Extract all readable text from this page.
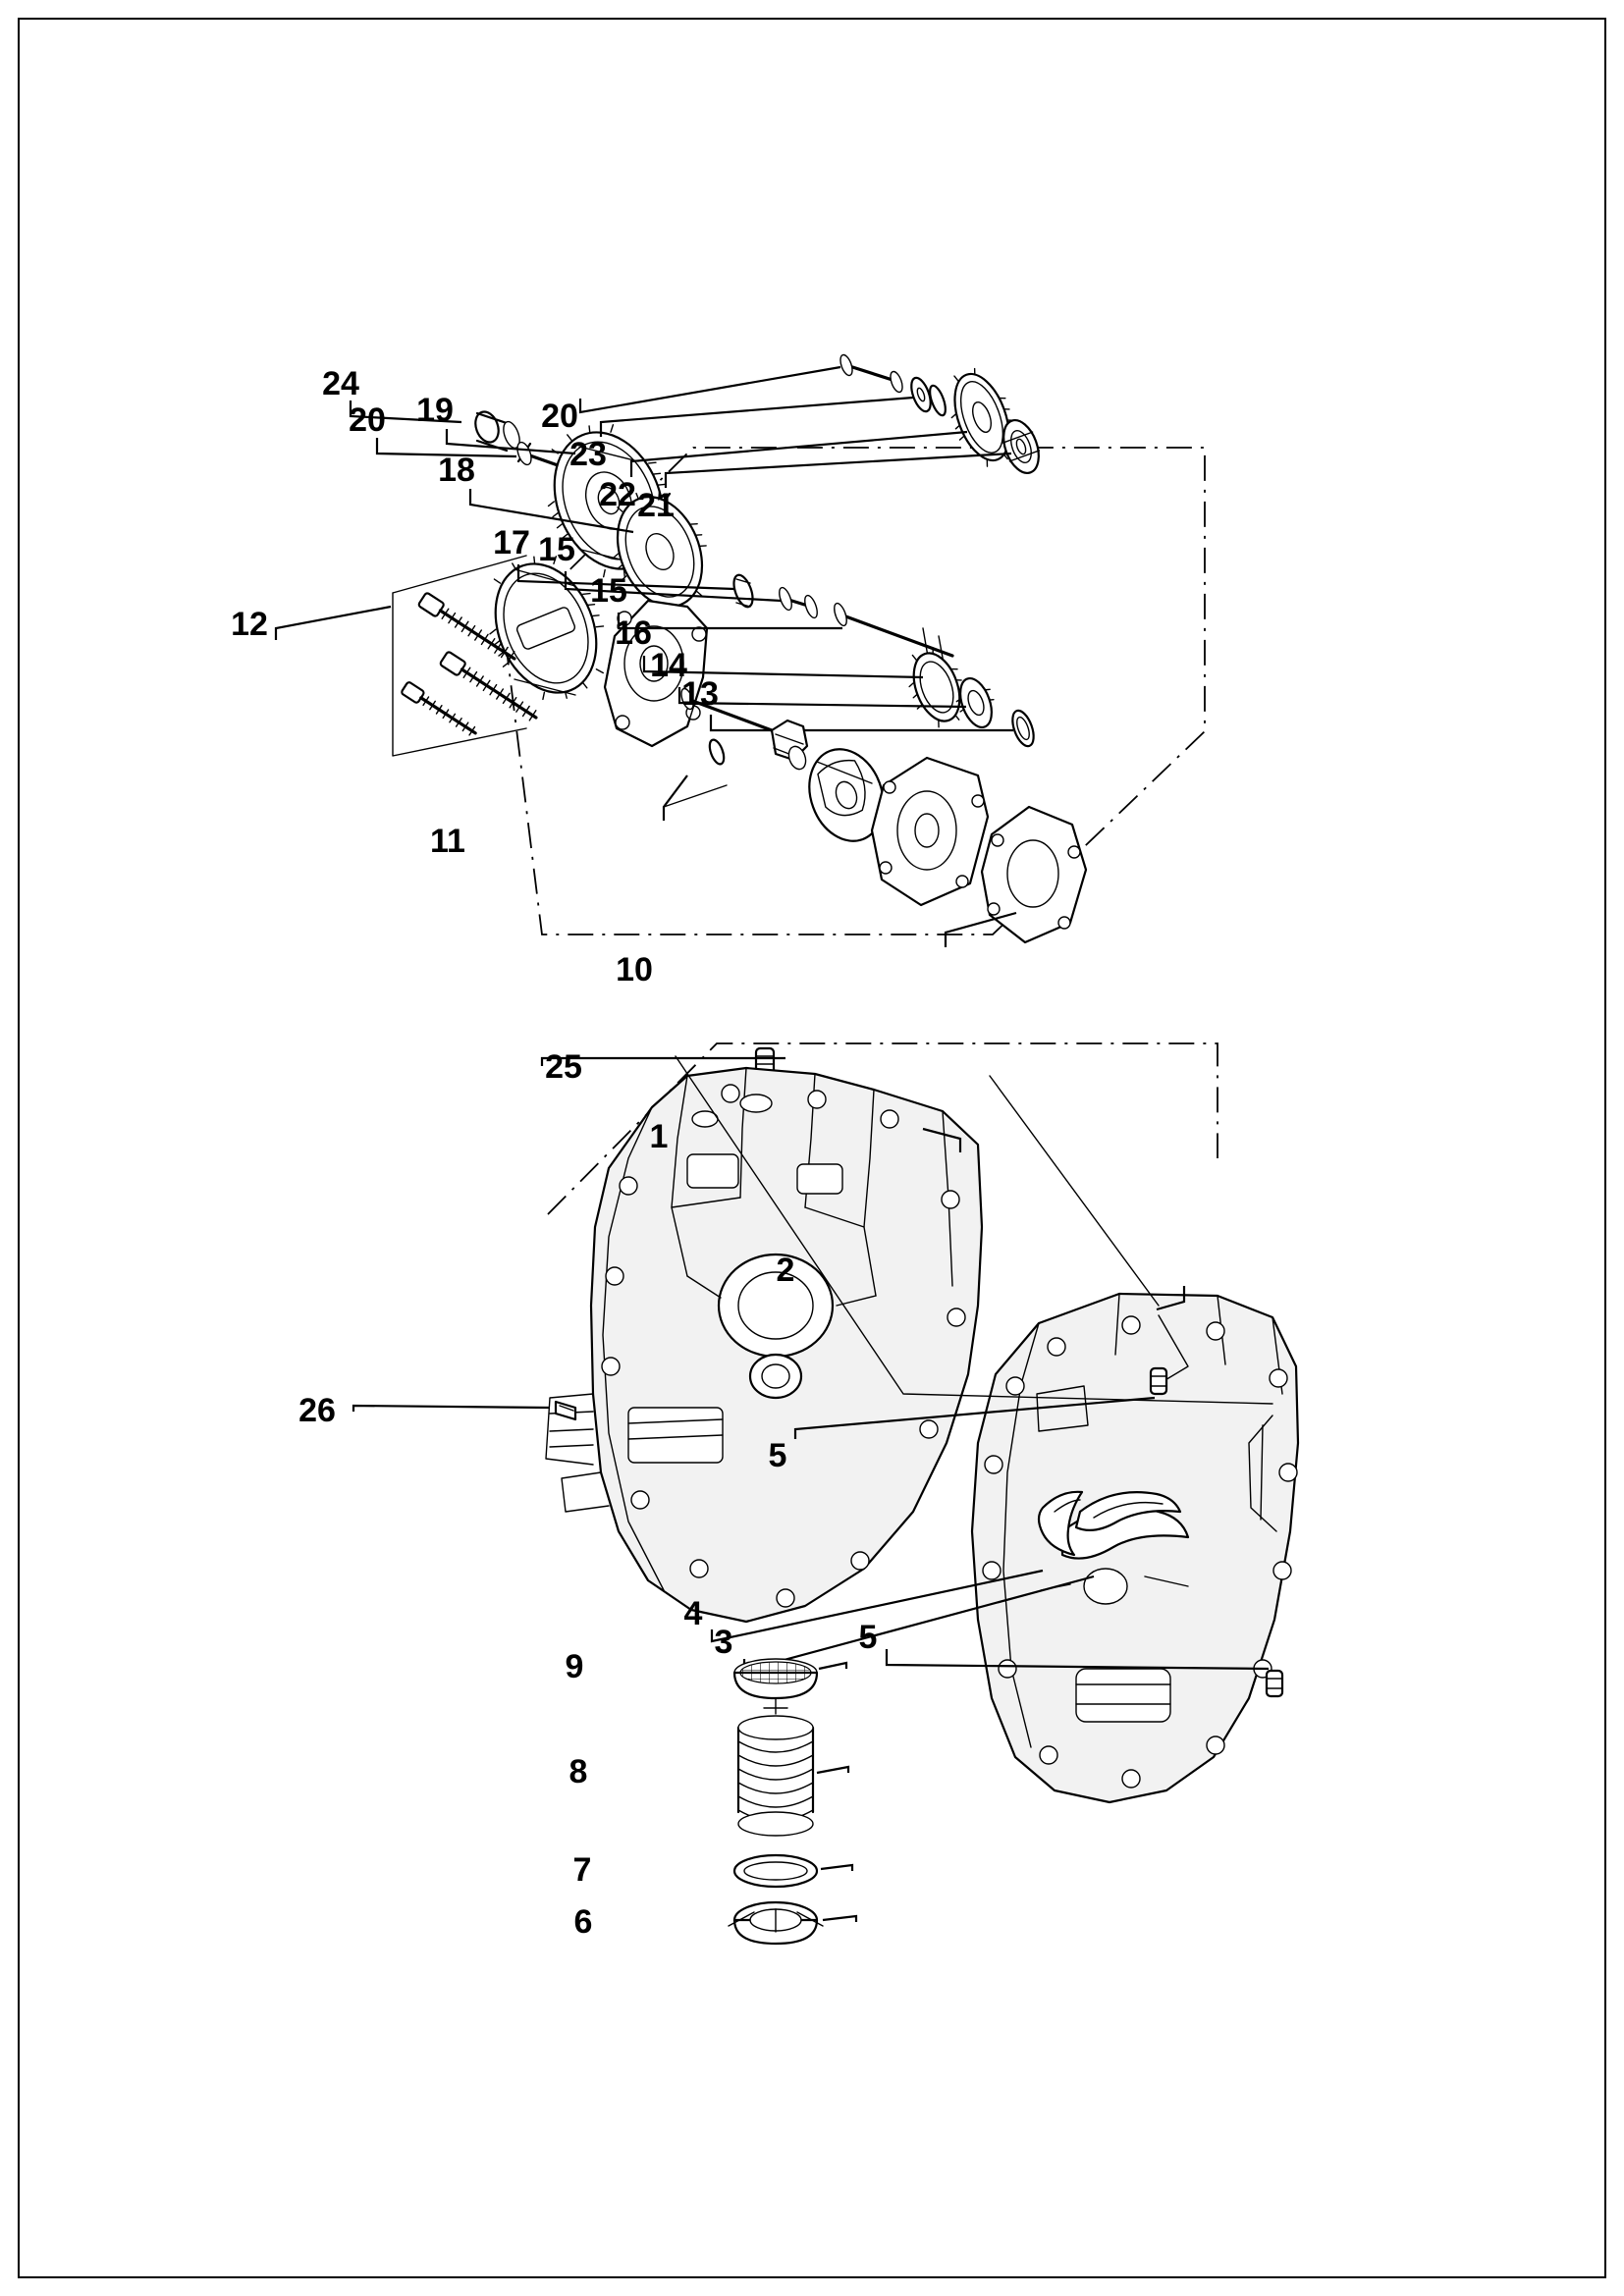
24
20 19
18
20
23
22 21
17 15
15
16
14
13
12
11
10
25
1
2
5
26
4
3	5
9
8
7
6
